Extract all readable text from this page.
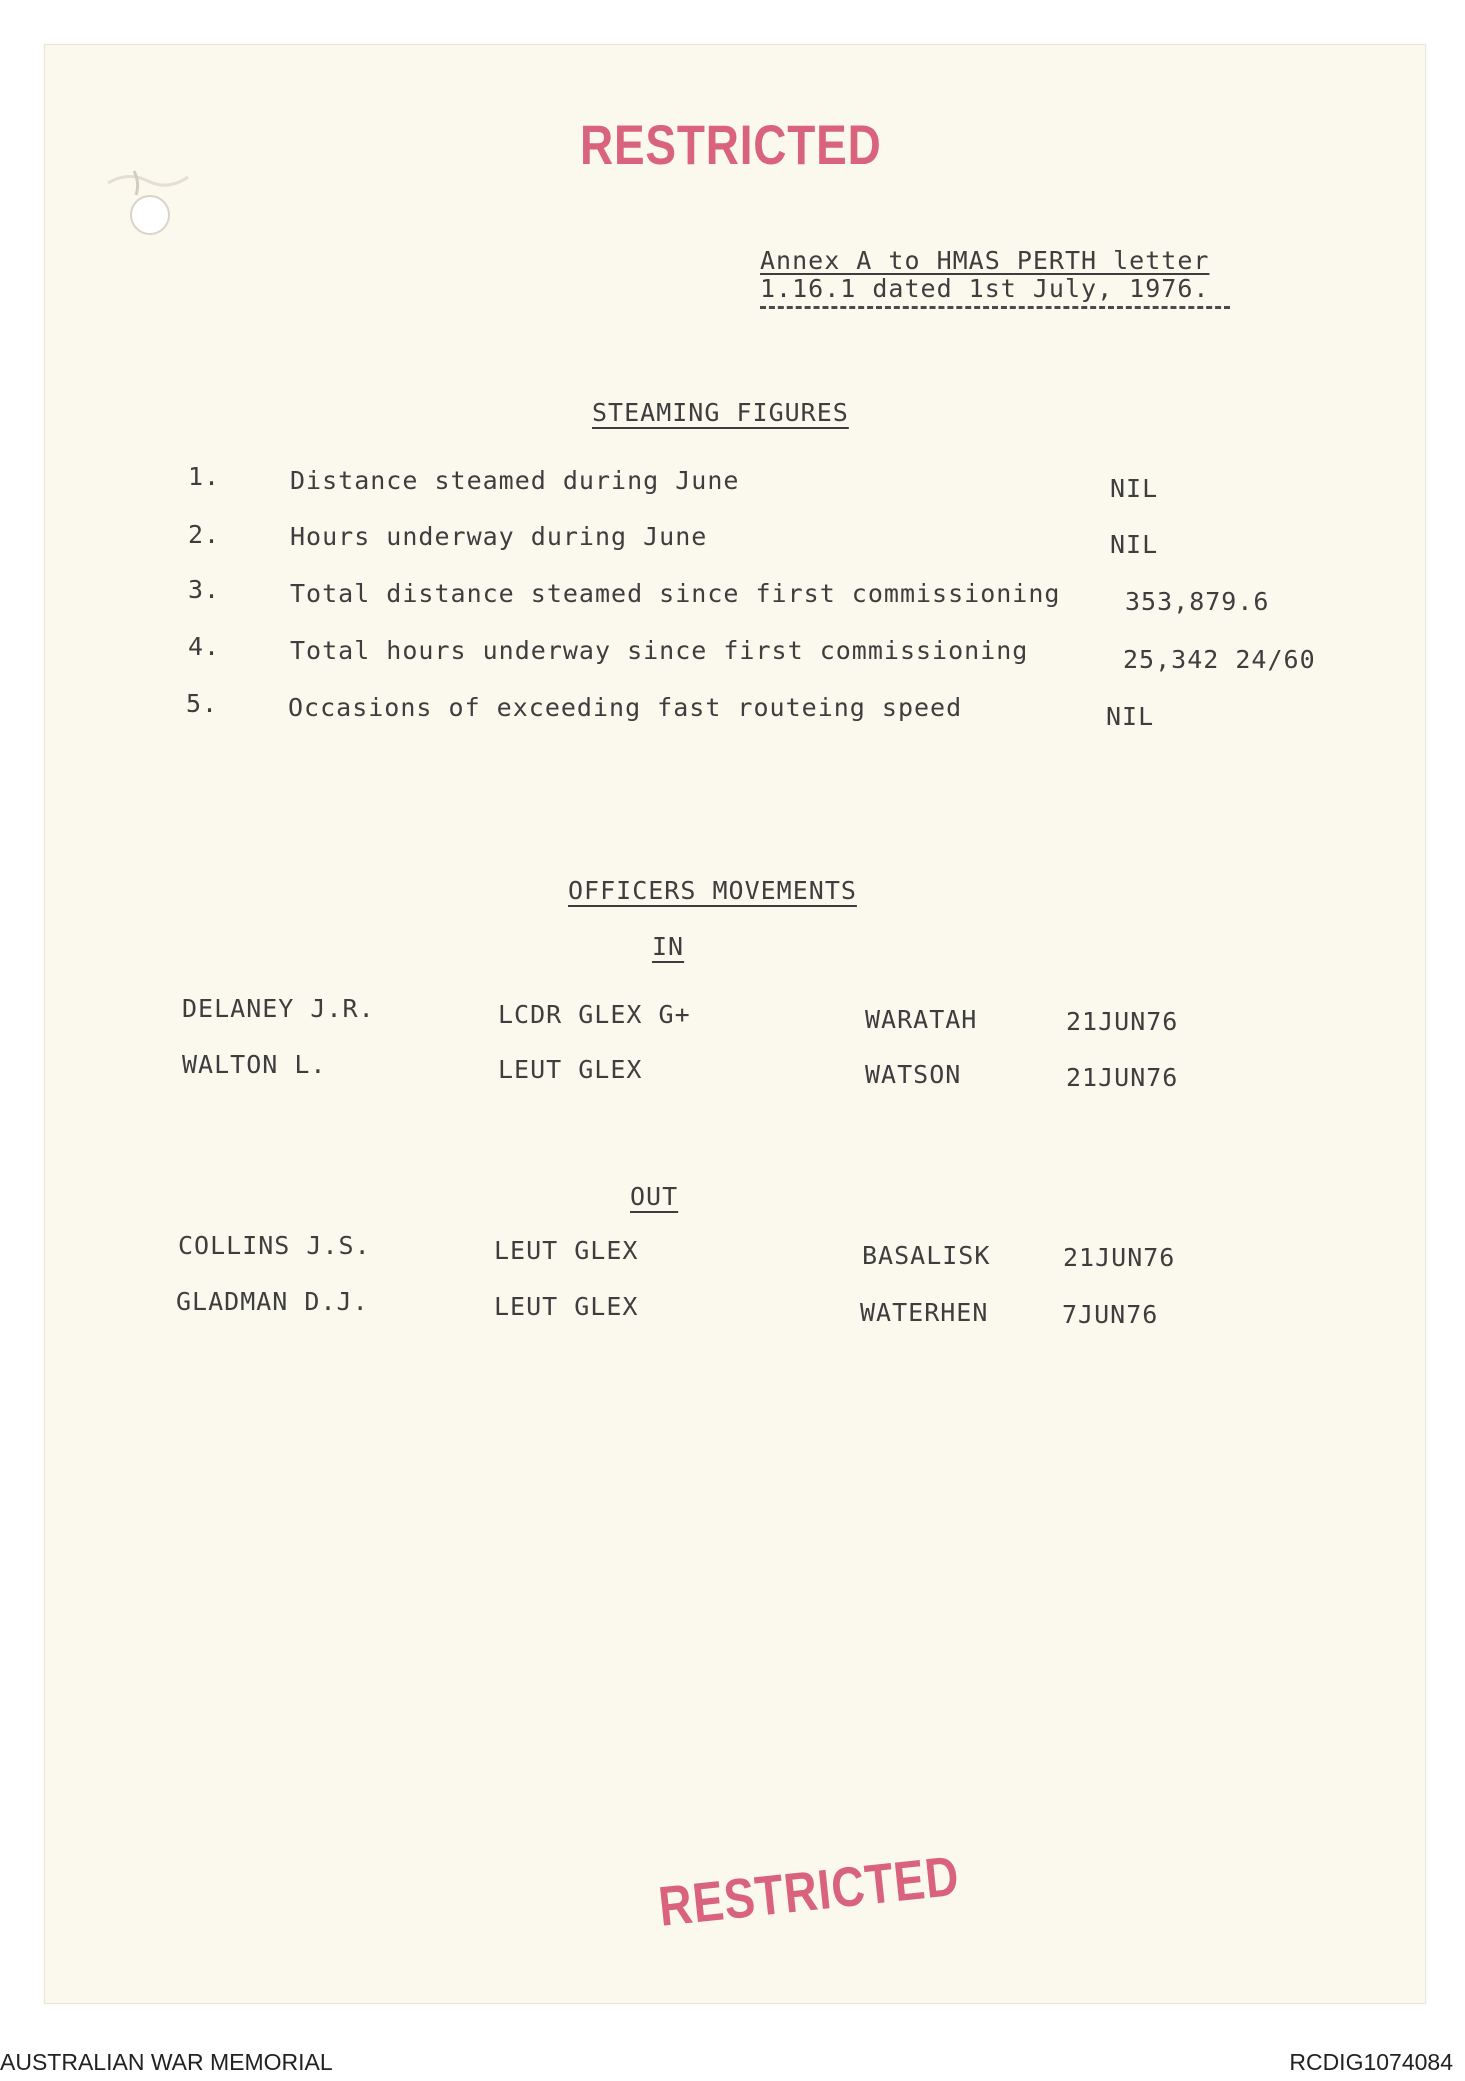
RESTRICTED
Annex A to HMAS PERTH letter
1.16.1 dated 1st July, 1976.
STEAMING FIGURES
1.	Distance steamed during June	NIL
2.	Hours underway during June	NIL
3.	Total distance steamed since first commissioning	353,879.6
4.	Total hours underway since first commissioning	25,342 24/60
5.	Occasions of exceeding fast routeing speed	NIL
OFFICERS MOVEMENTS
IN
DELANEY J.R.	LCDR GLEX G+	WARATAH	21JUN76
WALTON L.	LEUT GLEX	WATSON	21JUN76
OUT
COLLINS J.S.	LEUT GLEX	BASALISK	21JUN76
GLADMAN D.J.	LEUT GLEX	WATERHEN	7JUN76
RESTRICTED
AUSTRALIAN WAR MEMORIAL	RCDIG1074084
